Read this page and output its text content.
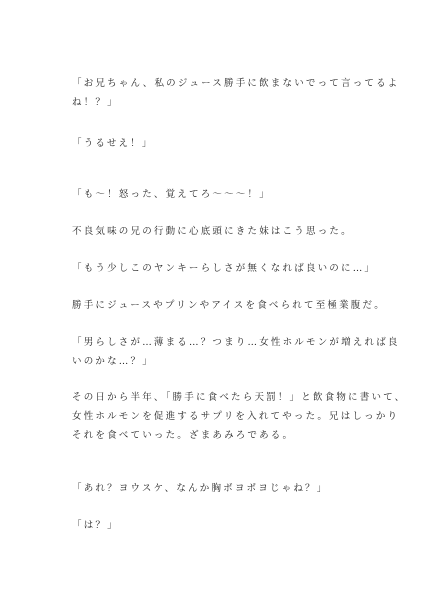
「お兄ちゃん、私のジュース勝手に飲まないでって言ってるよ
ね！？」
「うるせえ！」
「も〜！怒った、覚えてろ〜〜〜！」
不良気味の兄の行動に心底頭にきた妹はこう思った。
「もう少しこのヤンキーらしさが無くなれば良いのに…」
勝手にジュースやプリンやアイスを食べられて至極業腹だ。
「男らしさが…薄まる…？つまり…女性ホルモンが増えれば良
いのかな…？」
その日から半年、「勝手に食べたら天罰！」と飲食物に書いて、
女性ホルモンを促進するサプリを入れてやった。兄はしっかり
それを食べていった。ざまあみろである。
「あれ？ヨウスケ、なんか胸ボヨボヨじゃね？」
「は？」
